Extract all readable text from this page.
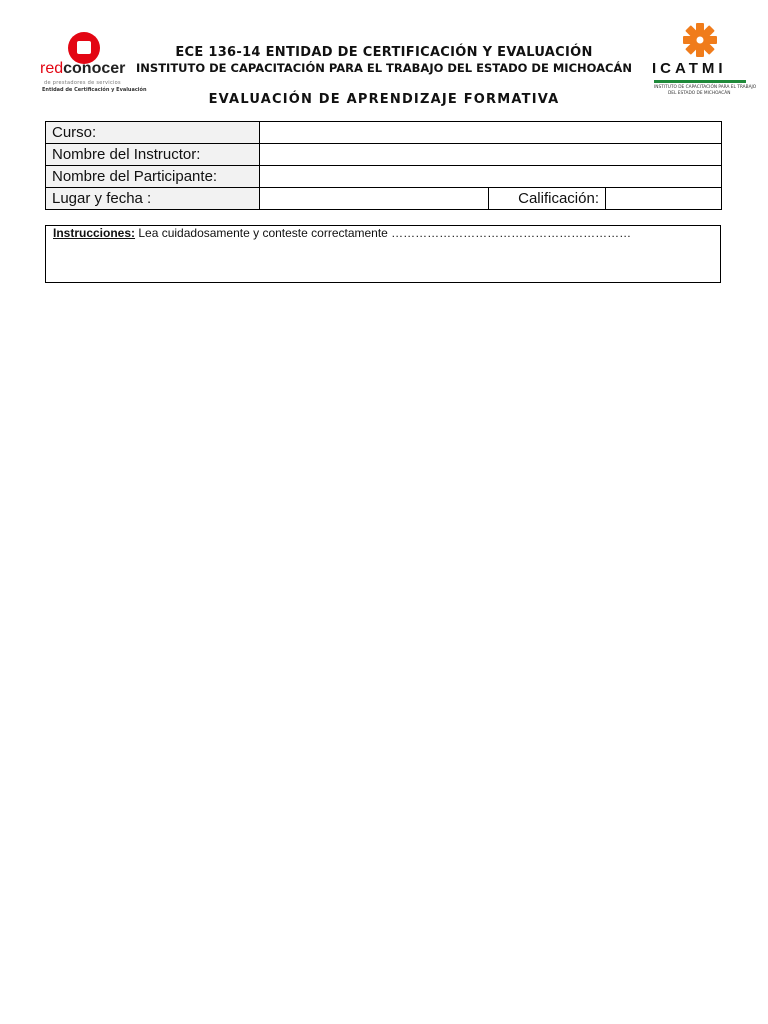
redconocer
de prestadores de servicios
Entidad de Certificación y Evaluación
ECE 136-14 ENTIDAD DE CERTIFICACIÓN Y EVALUACIÓN
INSTITUTO DE CAPACITACIÓN PARA EL TRABAJO DEL ESTADO DE MICHOACÁN
EVALUACIÓN DE APRENDIZAJE FORMATIVA
ICATMI
INSTITUTO DE CAPACITACIÓN PARA EL TRABAJO
DEL ESTADO DE MICHOACÁN
Curso:			
Nombre del Instructor:			
Nombre del Participante:			
Lugar y fecha :		Calificación:	
Instrucciones: Lea cuidadosamente y conteste correctamente ……………………………………………………
